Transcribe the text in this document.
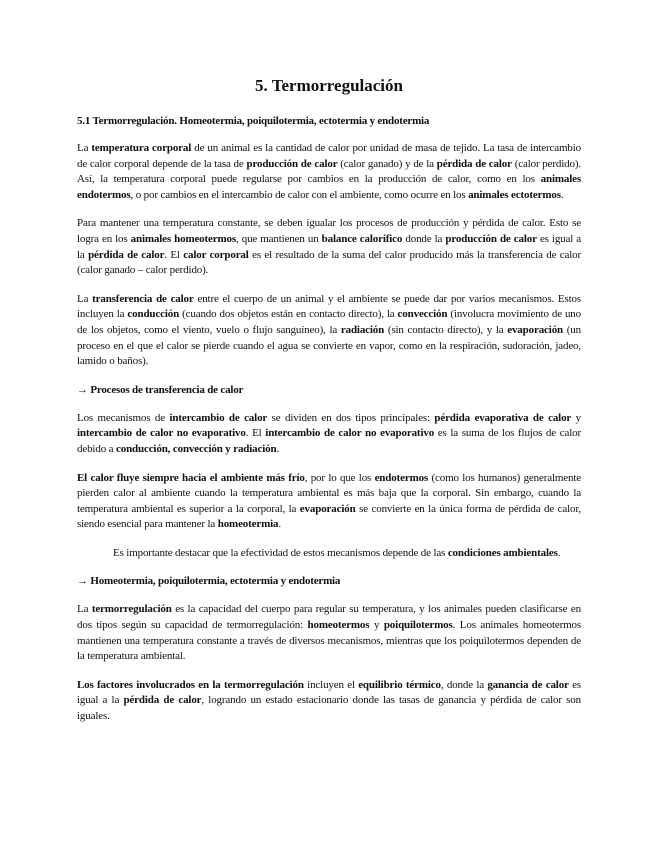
5. Termorregulación
5.1 Termorregulación. Homeotermia, poiquilotermia, ectotermia y endotermia

La temperatura corporal de un animal es la cantidad de calor por unidad de masa de tejido. La tasa de intercambio de calor corporal depende de la tasa de producción de calor (calor ganado) y de la pérdida de calor (calor perdido). Así, la temperatura corporal puede regularse por cambios en la producción de calor, como en los animales endotermos, o por cambios en el intercambio de calor con el ambiente, como ocurre en los animales ectotermos.

Para mantener una temperatura constante, se deben igualar los procesos de producción y pérdida de calor. Esto se logra en los animales homeotermos, que mantienen un balance calorífico donde la producción de calor es igual a la pérdida de calor. El calor corporal es el resultado de la suma del calor producido más la transferencia de calor (calor ganado – calor perdido).

La transferencia de calor entre el cuerpo de un animal y el ambiente se puede dar por varios mecanismos. Estos incluyen la conducción (cuando dos objetos están en contacto directo), la convección (involucra movimiento de uno de los objetos, como el viento, vuelo o flujo sanguíneo), la radiación (sin contacto directo), y la evaporación (un proceso en el que el calor se pierde cuando el agua se convierte en vapor, como en la respiración, sudoración, jadeo, lamido o baños).

→ Procesos de transferencia de calor

Los mecanismos de intercambio de calor se dividen en dos tipos principales: pérdida evaporativa de calor y intercambio de calor no evaporativo. El intercambio de calor no evaporativo es la suma de los flujos de calor debido a conducción, convección y radiación.

El calor fluye siempre hacia el ambiente más frío, por lo que los endotermos (como los humanos) generalmente pierden calor al ambiente cuando la temperatura ambiental es más baja que la corporal. Sin embargo, cuando la temperatura ambiental es superior a la corporal, la evaporación se convierte en la única forma de pérdida de calor, siendo esencial para mantener la homeotermia.

Es importante destacar que la efectividad de estos mecanismos depende de las condiciones ambientales.

→ Homeotermia, poiquilotermia, ectotermia y endotermia

La termorregulación es la capacidad del cuerpo para regular su temperatura, y los animales pueden clasificarse en dos tipos según su capacidad de termorregulación: homeotermos y poiquilotermos. Los animales homeotermos mantienen una temperatura constante a través de diversos mecanismos, mientras que los poiquilotermos dependen de la temperatura ambiental.

Los factores involucrados en la termorregulación incluyen el equilibrio térmico, donde la ganancia de calor es igual a la pérdida de calor, logrando un estado estacionario donde las tasas de ganancia y pérdida de calor son iguales.
